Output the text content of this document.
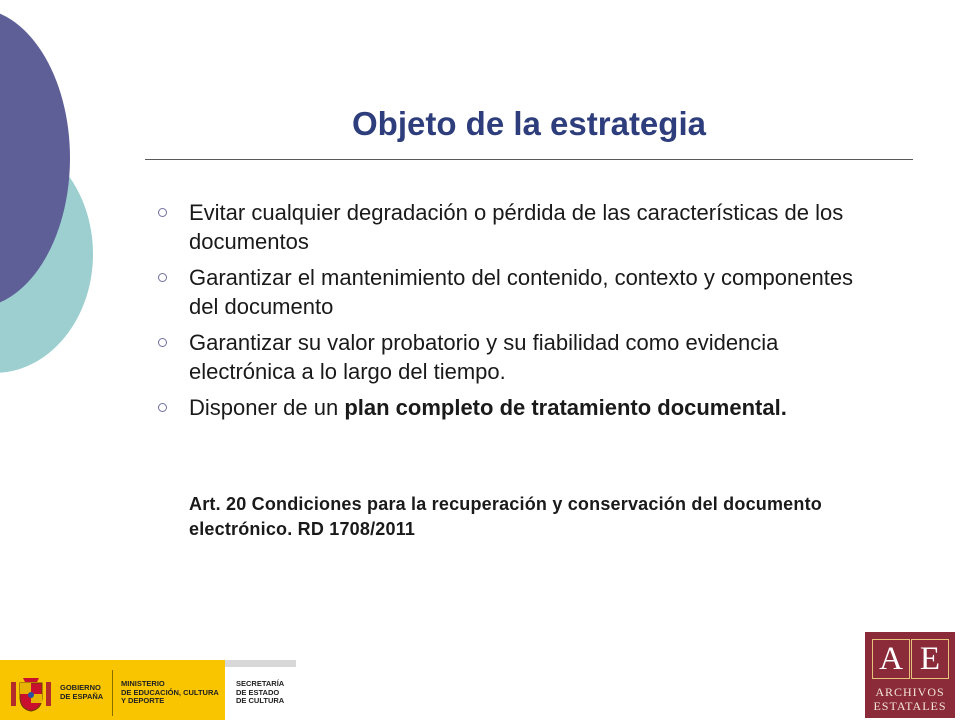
Objeto de la estrategia
Evitar cualquier degradación o pérdida de las características de los documentos
Garantizar el mantenimiento del contenido, contexto y componentes del documento
Garantizar su valor probatorio y su fiabilidad como evidencia electrónica a lo largo del tiempo.
Disponer de un plan completo de tratamiento documental.
Art. 20 Condiciones para la recuperación y conservación del documento electrónico. RD 1708/2011
GOBIERNO
DE ESPAÑA
MINISTERIO
DE EDUCACIÓN, CULTURA
Y DEPORTE
SECRETARÍA
DE ESTADO
DE CULTURA
A E
ARCHIVOS
ESTATALES
